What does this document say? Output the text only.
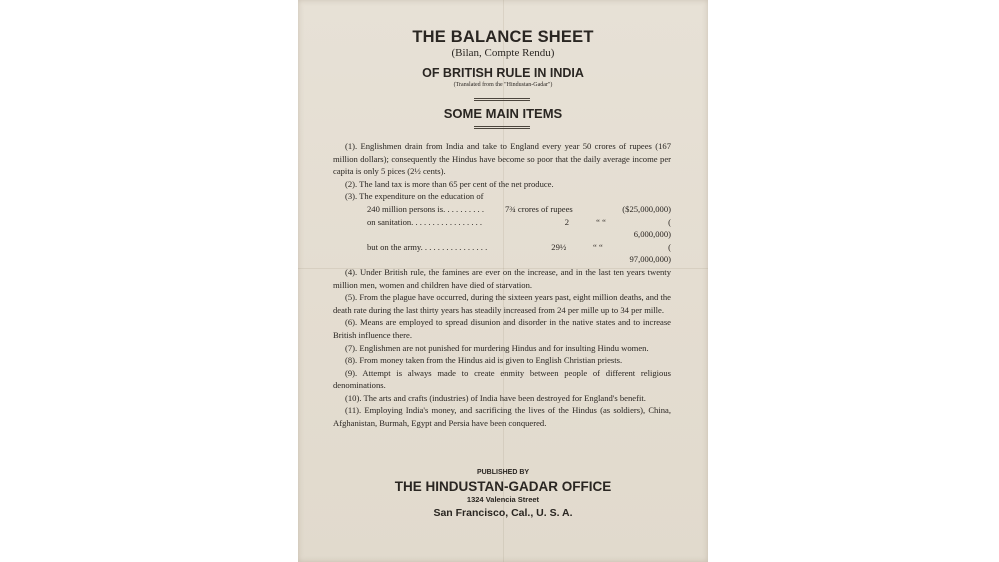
THE BALANCE SHEET
(Bilan, Compte Rendu)
OF BRITISH RULE IN INDIA
(Translated from the "Hindustan-Gadar")
SOME MAIN ITEMS

(1). Englishmen drain from India and take to England every year 50 crores of rupees (167 million dollars); consequently the Hindus have become so poor that the daily average income per capita is only 5 pices (2½ cents).

(2). The land tax is more than 65 per cent of the net produce.

(3). The expenditure on the education of

240 million persons is. . . . . . . . . .	7¾ crores of rupees	($25,000,000)
on sanitation. . . . . . . . . . . . . . . . .	2	“ “	( 6,000,000)
but on the army. . . . . . . . . . . . . . . .	29½	“ “	( 97,000,000)

(4). Under British rule, the famines are ever on the increase, and in the last ten years twenty million men, women and children have died of starvation.

(5). From the plague have occurred, during the sixteen years past, eight million deaths, and the death rate during the last thirty years has steadily increased from 24 per mille up to 34 per mille.

(6). Means are employed to spread disunion and disorder in the native states and to increase British influence there.

(7). Englishmen are not punished for murdering Hindus and for insulting Hindu women.

(8). From money taken from the Hindus aid is given to English Christian priests.

(9). Attempt is always made to create enmity between people of different religious denominations.

(10). The arts and crafts (industries) of India have been destroyed for England's benefit.

(11). Employing India's money, and sacrificing the lives of the Hindus (as soldiers), China, Afghanistan, Burmah, Egypt and Persia have been conquered.

PUBLISHED BY
THE HINDUSTAN-GADAR OFFICE
1324 Valencia Street
San Francisco, Cal., U. S. A.
